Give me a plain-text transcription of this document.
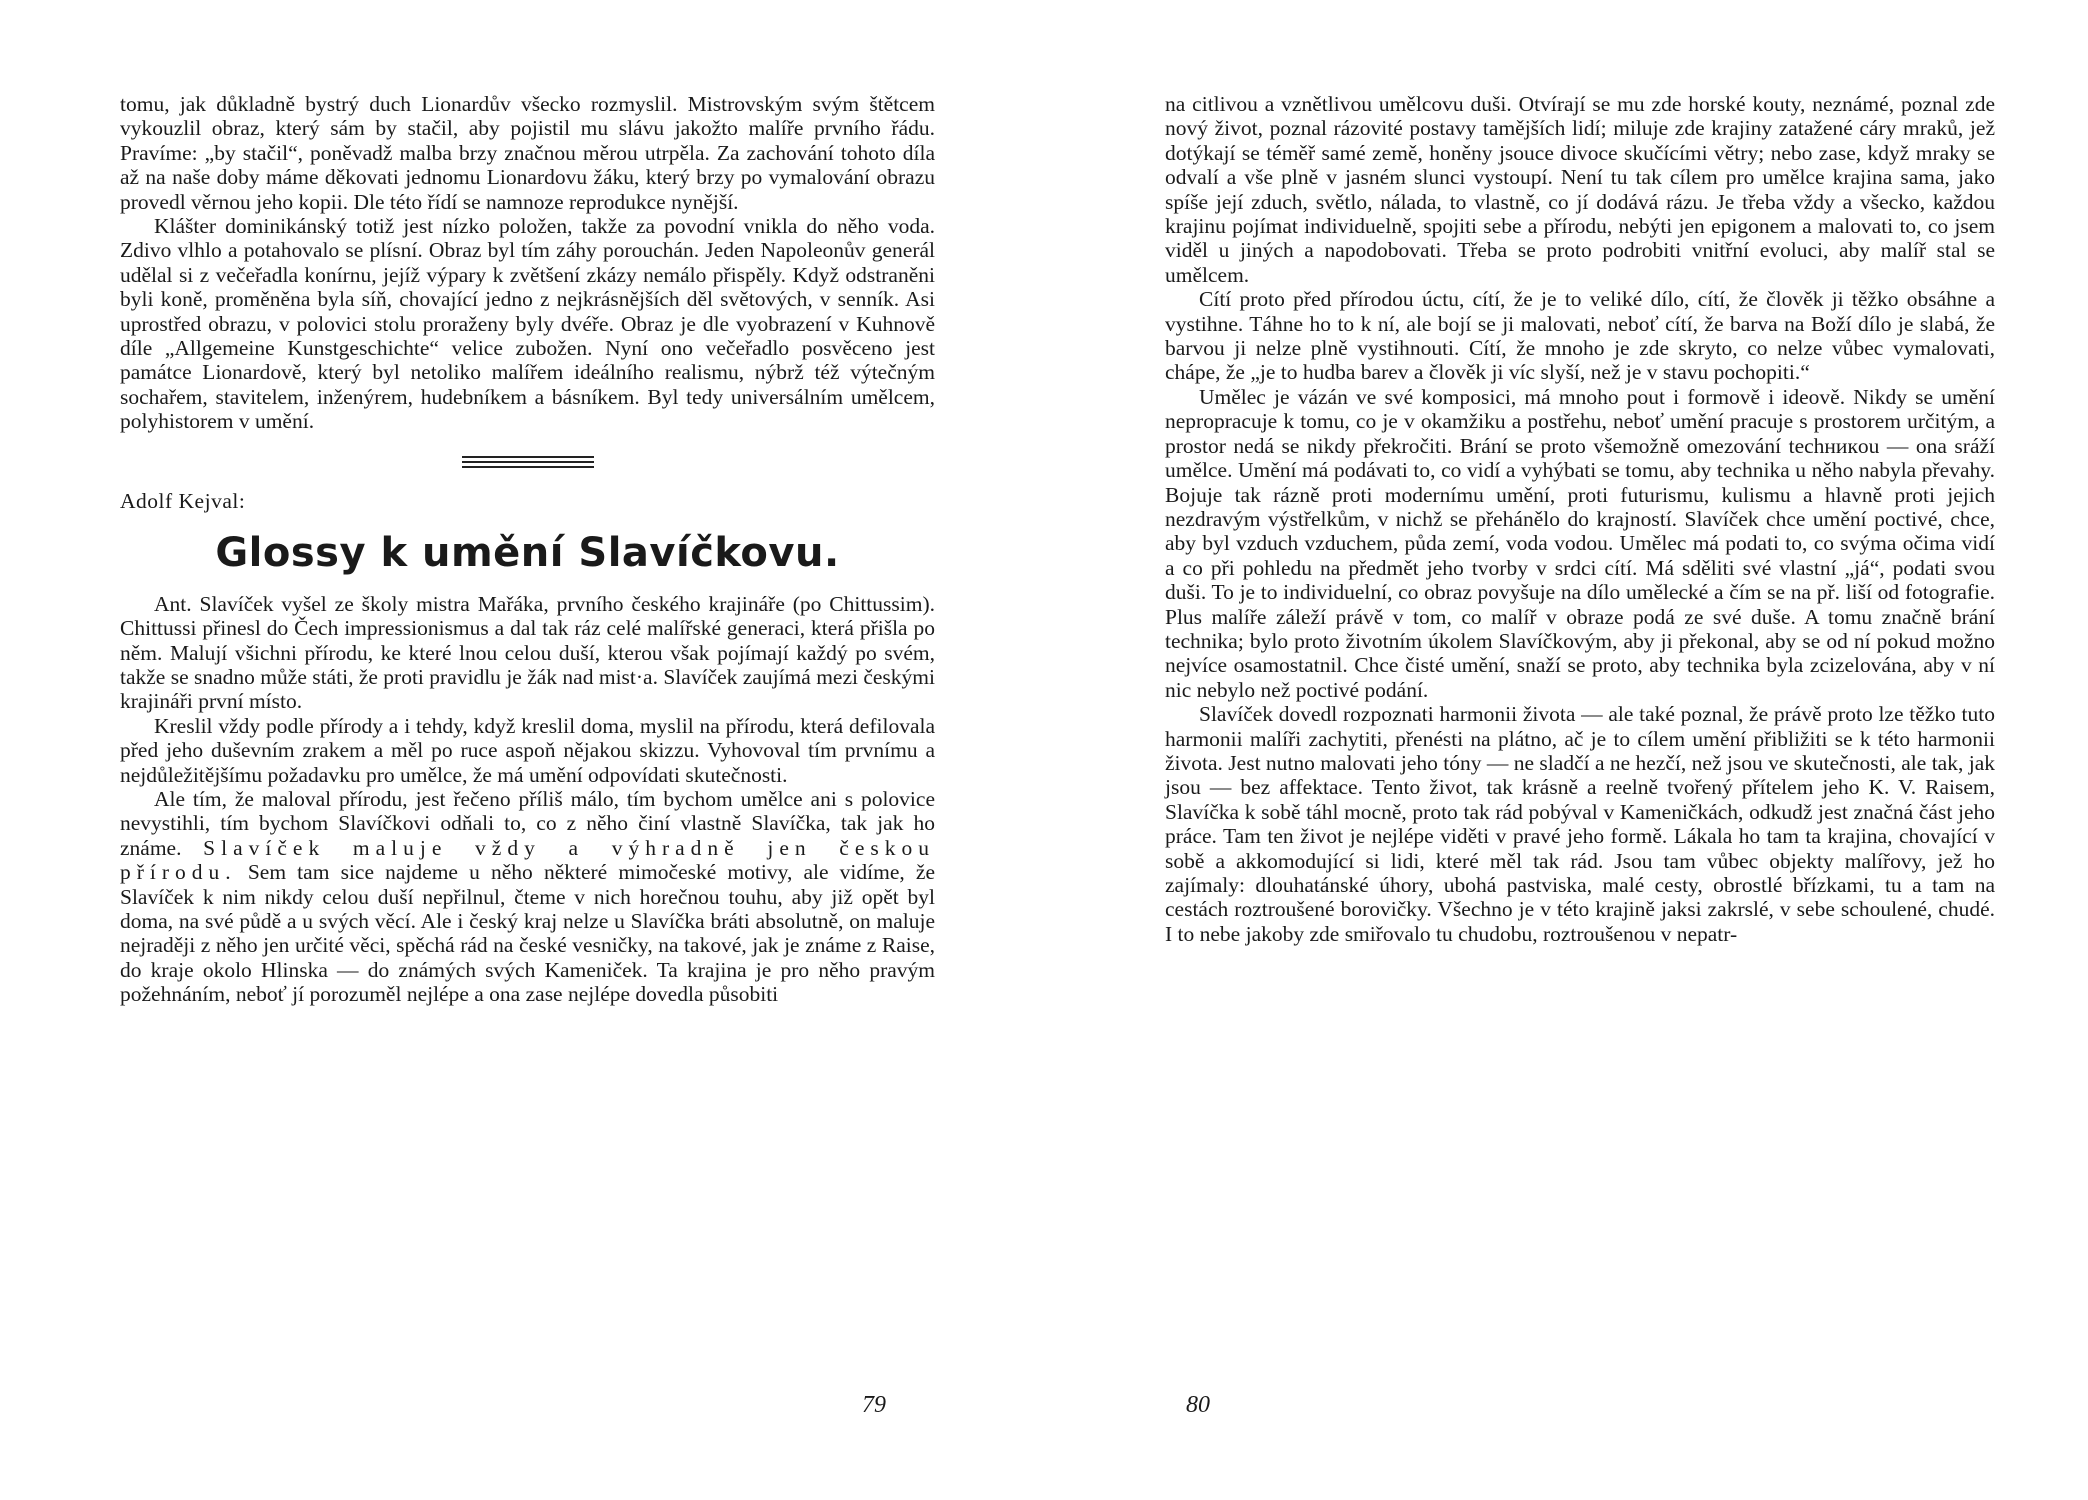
tomu, jak důkladně bystrý duch Lionardův všecko rozmyslil. Mistrovským svým štětcem vykouzlil obraz, který sám by stačil, aby pojistil mu slávu jakožto malíře prvního řádu. Pravíme: „by stačil“, poněvadž malba brzy značnou měrou utrpěla. Za zachování tohoto díla až na naše doby máme děkovati jednomu Lionardovu žáku, který brzy po vymalování obrazu provedl věrnou jeho kopii. Dle této řídí se namnoze reprodukce nynější.

Klášter dominikánský totiž jest nízko položen, takže za povodní vnikla do něho voda. Zdivo vlhlo a potahovalo se plísní. Obraz byl tím záhy porouchán. Jeden Napoleonův generál udělal si z večeřadla konírnu, jejíž výpary k zvětšení zkázy nemálo přispěly. Když odstraněni byli koně, proměněna byla síň, chovající jedno z nejkrásnějších děl světových, v senník. Asi uprostřed obrazu, v polovici stolu proraženy byly dvéře. Obraz je dle vyobrazení v Kuhnově díle „Allgemeine Kunstgeschichte“ velice zubožen. Nyní ono večeřadlo posvěceno jest památce Lionardově, který byl netoliko malířem ideálního realismu, nýbrž též výtečným sochařem, stavitelem, inženýrem, hudebníkem a básníkem. Byl tedy universálním umělcem, polyhistorem v umění.

Adolf Kejval:
Glossy k umění Slavíčkovu.

Ant. Slavíček vyšel ze školy mistra Mařáka, prvního českého krajináře (po Chittussim). Chittussi přinesl do Čech impressionismus a dal tak ráz celé malířské generaci, která přišla po něm. Malují všichni přírodu, ke které lnou celou duší, kterou však pojímají každý po svém, takže se snadno může státi, že proti pravidlu je žák nad mist·a. Slavíček zaujímá mezi českými krajináři první místo.

Kreslil vždy podle přírody a i tehdy, když kreslil doma, myslil na přírodu, která defilovala před jeho duševním zrakem a měl po ruce aspoň nějakou skizzu. Vyhovoval tím prvnímu a nejdůležitějšímu požadavku pro umělce, že má umění odpovídati skutečnosti.

Ale tím, že maloval přírodu, jest řečeno příliš málo, tím bychom umělce ani s polovice nevystihli, tím bychom Slavíčkovi odňali to, co z něho činí vlastně Slavíčka, tak jak ho známe. Slavíček maluje vždy a výhradně jen českou přírodu. Sem tam sice najdeme u něho některé mimočeské motivy, ale vidíme, že Slavíček k nim nikdy celou duší nepřilnul, čteme v nich horečnou touhu, aby již opět byl doma, na své půdě a u svých věcí. Ale i český kraj nelze u Slavíčka bráti absolutně, on maluje nejraději z něho jen určité věci, spěchá rád na české vesničky, na takové, jak je známe z Raise, do kraje okolo Hlinska — do známých svých Kameniček. Ta krajina je pro něho pravým požehnáním, neboť jí porozuměl nejlépe a ona zase nejlépe dovedla působiti

79

na citlivou a vznětlivou umělcovu duši. Otvírají se mu zde horské kouty, neznámé, poznal zde nový život, poznal rázovité postavy tamějších lidí; miluje zde krajiny zatažené cáry mraků, jež dotýkají se téměř samé země, honěny jsouce divoce skučícími větry; nebo zase, když mraky se odvalí a vše plně v jasném slunci vystoupí. Není tu tak cílem pro umělce krajina sama, jako spíše její zduch, světlo, nálada, to vlastně, co jí dodává rázu. Je třeba vždy a všecko, každou krajinu pojímat individuelně, spojiti sebe a přírodu, nebýti jen epigonem a malovati to, co jsem viděl u jiných a napodobovati. Třeba se proto podrobiti vnitřní evoluci, aby malíř stal se umělcem.

Cítí proto před přírodou úctu, cítí, že je to veliké dílo, cítí, že člověk ji těžko obsáhne a vystihne. Táhne ho to k ní, ale bojí se ji malovati, neboť cítí, že barva na Boží dílo je slabá, že barvou ji nelze plně vystihnouti. Cítí, že mnoho je zde skryto, co nelze vůbec vymalovati, chápe, že „je to hudba barev a člověk ji víc slyší, než je v stavu pochopiti.“

Umělec je vázán ve své komposici, má mnoho pout i formově i ideově. Nikdy se umění nepropracuje k tomu, co je v okamžiku a postřehu, neboť umění pracuje s prostorem určitým, a prostor nedá se nikdy překročiti. Brání se proto všemožně omezování techникou — ona sráží umělce. Umění má podávati to, co vidí a vyhýbati se tomu, aby technika u něho nabyla převahy. Bojuje tak rázně proti modernímu umění, proti futurismu, kulismu a hlavně proti jejich nezdravým výstřelkům, v nichž se přehánělo do krajností. Slavíček chce umění poctivé, chce, aby byl vzduch vzduchem, půda zemí, voda vodou. Umělec má podati to, co svýma očima vidí a co při pohledu na předmět jeho tvorby v srdci cítí. Má sděliti své vlastní „já“, podati svou duši. To je to individuelní, co obraz povyšuje na dílo umělecké a čím se na př. liší od fotografie. Plus malíře záleží právě v tom, co malíř v obraze podá ze své duše. A tomu značně brání technika; bylo proto životním úkolem Slavíčkovým, aby ji překonal, aby se od ní pokud možno nejvíce osamostatnil. Chce čisté umění, snaží se proto, aby technika byla zcizelována, aby v ní nic nebylo než poctivé podání.

Slavíček dovedl rozpoznati harmonii života — ale také poznal, že právě proto lze těžko tuto harmonii malíři zachytiti, přenésti na plátno, ač je to cílem umění přibližiti se k této harmonii života. Jest nutno malovati jeho tóny — ne sladčí a ne hezčí, než jsou ve skutečnosti, ale tak, jak jsou — bez affektace. Tento život, tak krásně a reelně tvořený přítelem jeho K. V. Raisem, Slavíčka k sobě táhl mocně, proto tak rád pobýval v Kameničkách, odkudž jest značná část jeho práce. Tam ten život je nejlépe viděti v pravé jeho formě. Lákala ho tam ta krajina, chovající v sobě a akkomodující si lidi, které měl tak rád. Jsou tam vůbec objekty malířovy, jež ho zajímaly: dlouhatánské úhory, ubohá pastviska, malé cesty, obrostlé břízkami, tu a tam na cestách roztroušené borovičky. Všechno je v této krajině jaksi zakrslé, v sebe schoulené, chudé. I to nebe jakoby zde smiřovalo tu chudobu, roztroušenou v nepatr-

80
